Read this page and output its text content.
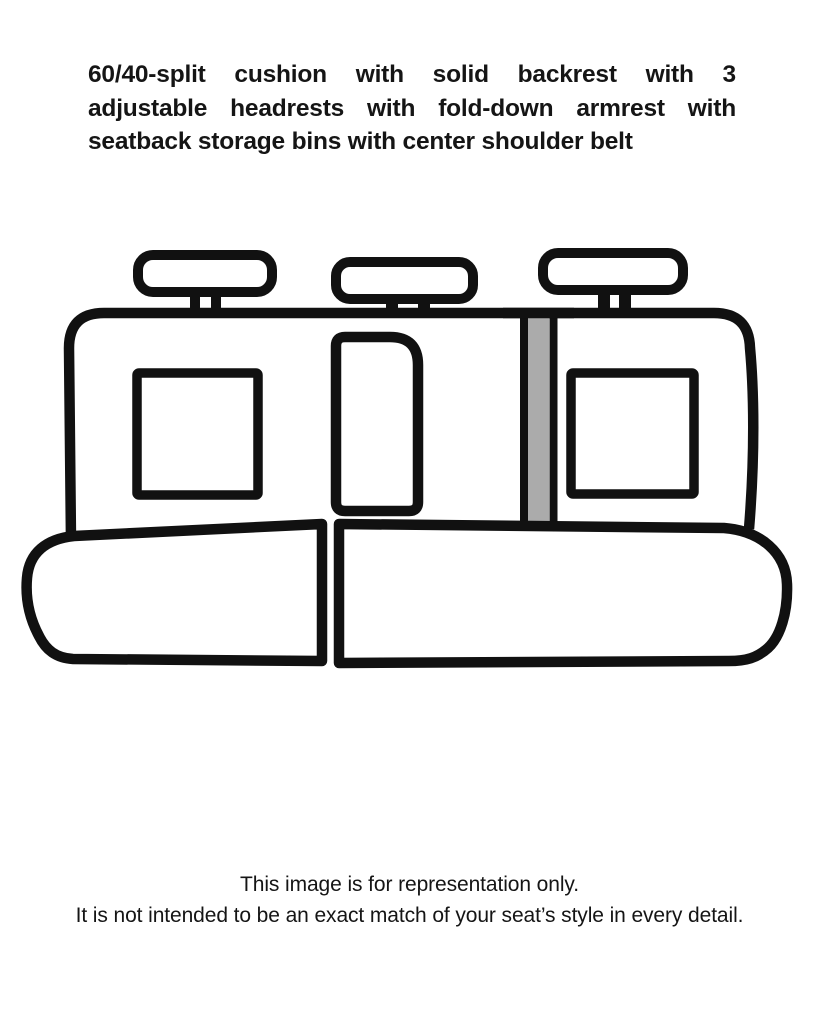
60/40-split cushion with solid backrest with 3
adjustable headrests with fold-down armrest with
seatback storage bins with center shoulder belt
This image is for representation only.
It is not intended to be an exact match of your seat’s style in every detail.
